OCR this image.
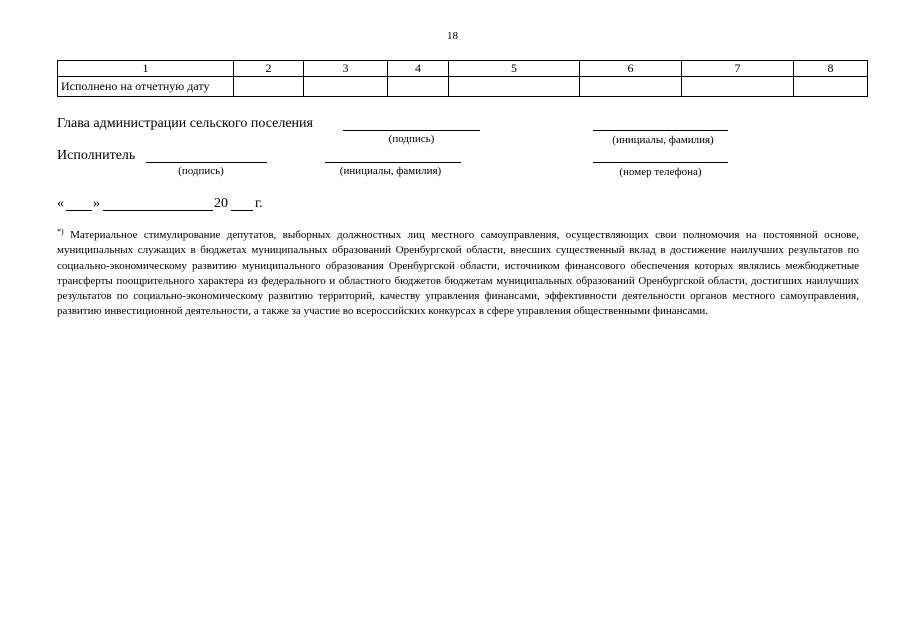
18
1	2	3	4	5	6	7	8
Исполнено на отчетную дату							
Глава администрации сельского поселения
(подпись)	(инициалы, фамилия)
Исполнитель
(подпись)	(инициалы, фамилия)	(номер телефона)
« »	20 г.
*) Материальное стимулирование депутатов, выборных должностных лиц местного самоуправления, осуществляющих свои полномочия на постоянной основе, муниципальных служащих в бюджетах муниципальных образований Оренбургской области, внесших существенный вклад в достижение наилучших результатов по социально-экономическому развитию муниципального образования Оренбургской области, источником финансового обеспечения которых являлись межбюджетные трансферты поощрительного характера из федерального и областного бюджетов бюджетам муниципальных образований Оренбургской области, достигших наилучших результатов по социально-экономическому развитию территорий, качеству управления финансами, эффективности деятельности органов местного самоуправления, развитию инвестиционной деятельности, а также за участие во всероссийских конкурсах в сфере управления общественными финансами.
